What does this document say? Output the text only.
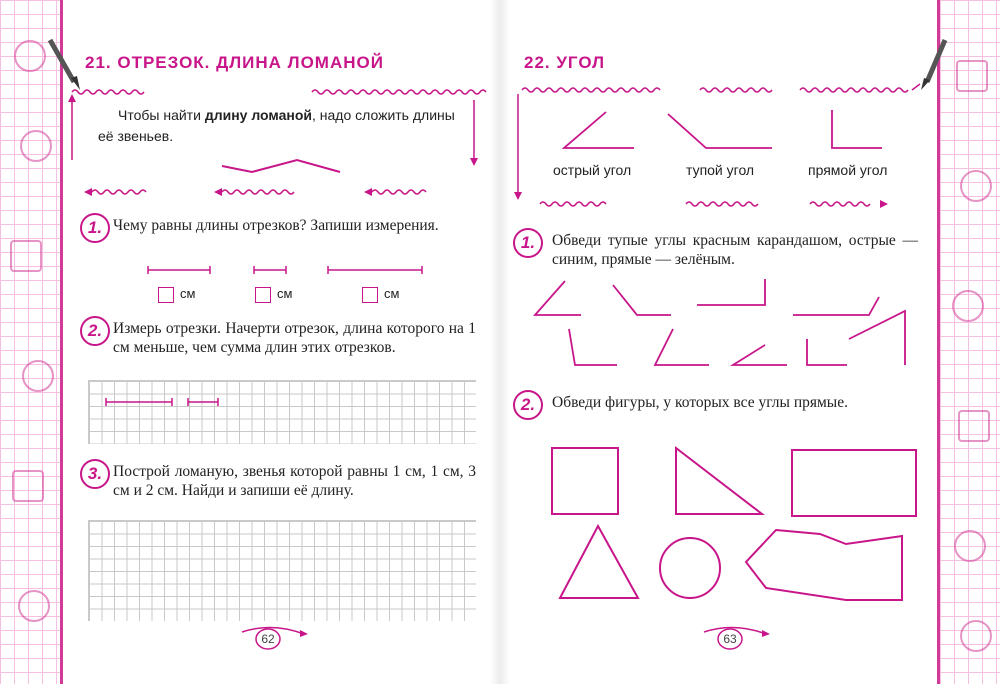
21. ОТРЕЗОК. ДЛИНА ЛОМАНОЙ
Чтобы найти длину ломаной, надо сложить длины её звеньев.
1. Чему равны длины отрезков? Запиши измерения.
см	см	см
2. Измерь отрезки. Начерти отрезок, длина которого на 1 см меньше, чем сумма длин этих отрезков.
3. Построй ломаную, звенья которой равны 1 см, 1 см, 3 см и 2 см. Найди и запиши её длину.
62
22. УГОЛ
острый угол	тупой угол	прямой угол
1.	Обведи тупые углы красным карандашом, острые — синим, прямые — зелёным.
2.	Обведи фигуры, у которых все углы прямые.
63
